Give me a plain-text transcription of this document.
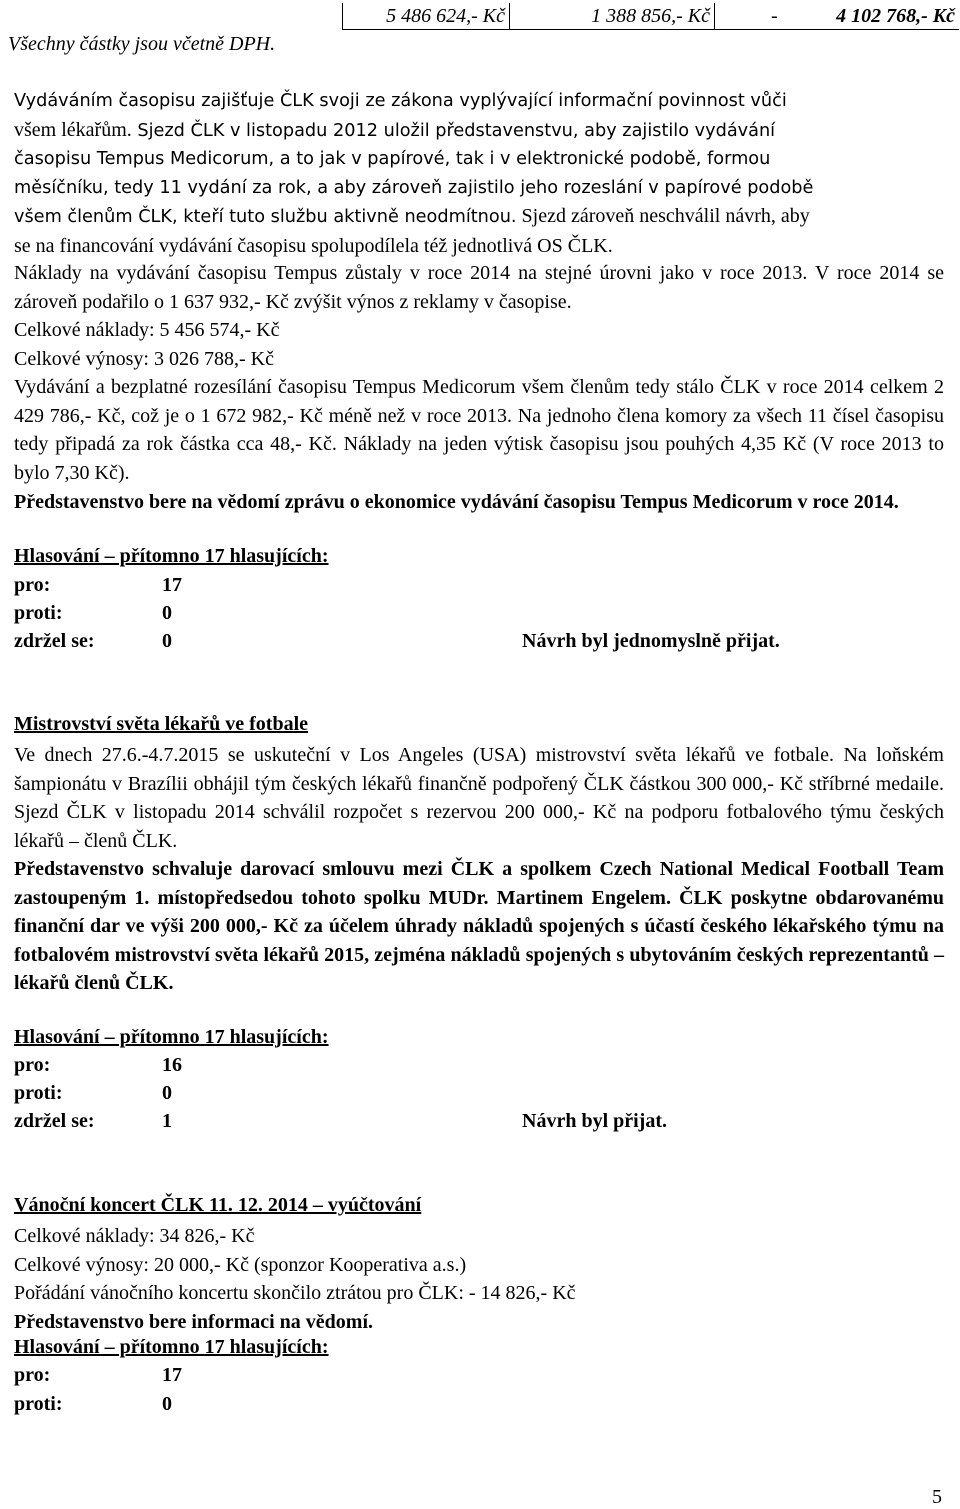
5 486 624,- Kč	1 388 856,- Kč	-	4 102 768,- Kč
Všechny částky jsou včetně DPH.
Vydáváním časopisu zajišťuje ČLK svoji ze zákona vyplývající informační povinnost vůči
všem lékařům. Sjezd ČLK v listopadu 2012 uložil představenstvu, aby zajistilo vydávání
časopisu Tempus Medicorum, a to jak v papírové, tak i v elektronické podobě, formou
měsíčníku, tedy 11 vydání za rok, a aby zároveň zajistilo jeho rozeslání v papírové podobě
všem členům ČLK, kteří tuto službu aktivně neodmítnou. Sjezd zároveň neschválil návrh, aby
se na financování vydávání časopisu spolupodílela též jednotlivá OS ČLK.
Náklady na vydávání časopisu Tempus zůstaly v roce 2014 na stejné úrovni jako v roce 2013. V roce 2014 se zároveň podařilo o 1 637 932,- Kč zvýšit výnos z reklamy v časopise.
Celkové náklady: 5 456 574,- Kč
Celkové výnosy: 3 026 788,- Kč
Vydávání a bezplatné rozesílání časopisu Tempus Medicorum všem členům tedy stálo ČLK v roce 2014 celkem 2 429 786,- Kč, což je o 1 672 982,- Kč méně než v roce 2013. Na jednoho člena komory za všech 11 čísel časopisu tedy připadá za rok částka cca 48,- Kč. Náklady na jeden výtisk časopisu jsou pouhých 4,35 Kč (V roce 2013 to bylo 7,30 Kč).
Představenstvo bere na vědomí zprávu o ekonomice vydávání časopisu Tempus Medicorum v roce 2014.
Hlasování – přítomno 17 hlasujících:
pro:	17
proti:	0
zdržel se:	0	Návrh byl jednomyslně přijat.
Mistrovství světa lékařů ve fotbale
Ve dnech 27.6.-4.7.2015 se uskuteční v Los Angeles (USA) mistrovství světa lékařů ve fotbale. Na loňském šampionátu v Brazílii obhájil tým českých lékařů finančně podpořený ČLK částkou 300 000,- Kč stříbrné medaile. Sjezd ČLK v listopadu 2014 schválil rozpočet s rezervou 200 000,- Kč na podporu fotbalového týmu českých lékařů – členů ČLK.
Představenstvo schvaluje darovací smlouvu mezi ČLK a spolkem Czech National Medical Football Team zastoupeným 1. místopředsedou tohoto spolku MUDr. Martinem Engelem. ČLK poskytne obdarovanému finanční dar ve výši 200 000,- Kč za účelem úhrady nákladů spojených s účastí českého lékařského týmu na fotbalovém mistrovství světa lékařů 2015, zejména nákladů spojených s ubytováním českých reprezentantů – lékařů členů ČLK.
Hlasování – přítomno 17 hlasujících:
pro:	16
proti:	0
zdržel se:	1	Návrh byl přijat.
Vánoční koncert ČLK 11. 12. 2014 – vyúčtování
Celkové náklady: 34 826,- Kč
Celkové výnosy: 20 000,- Kč (sponzor Kooperativa a.s.)
Pořádání vánočního koncertu skončilo ztrátou pro ČLK: - 14 826,- Kč
Představenstvo bere informaci na vědomí.
Hlasování – přítomno 17 hlasujících:
pro:	17
proti:	0
5
